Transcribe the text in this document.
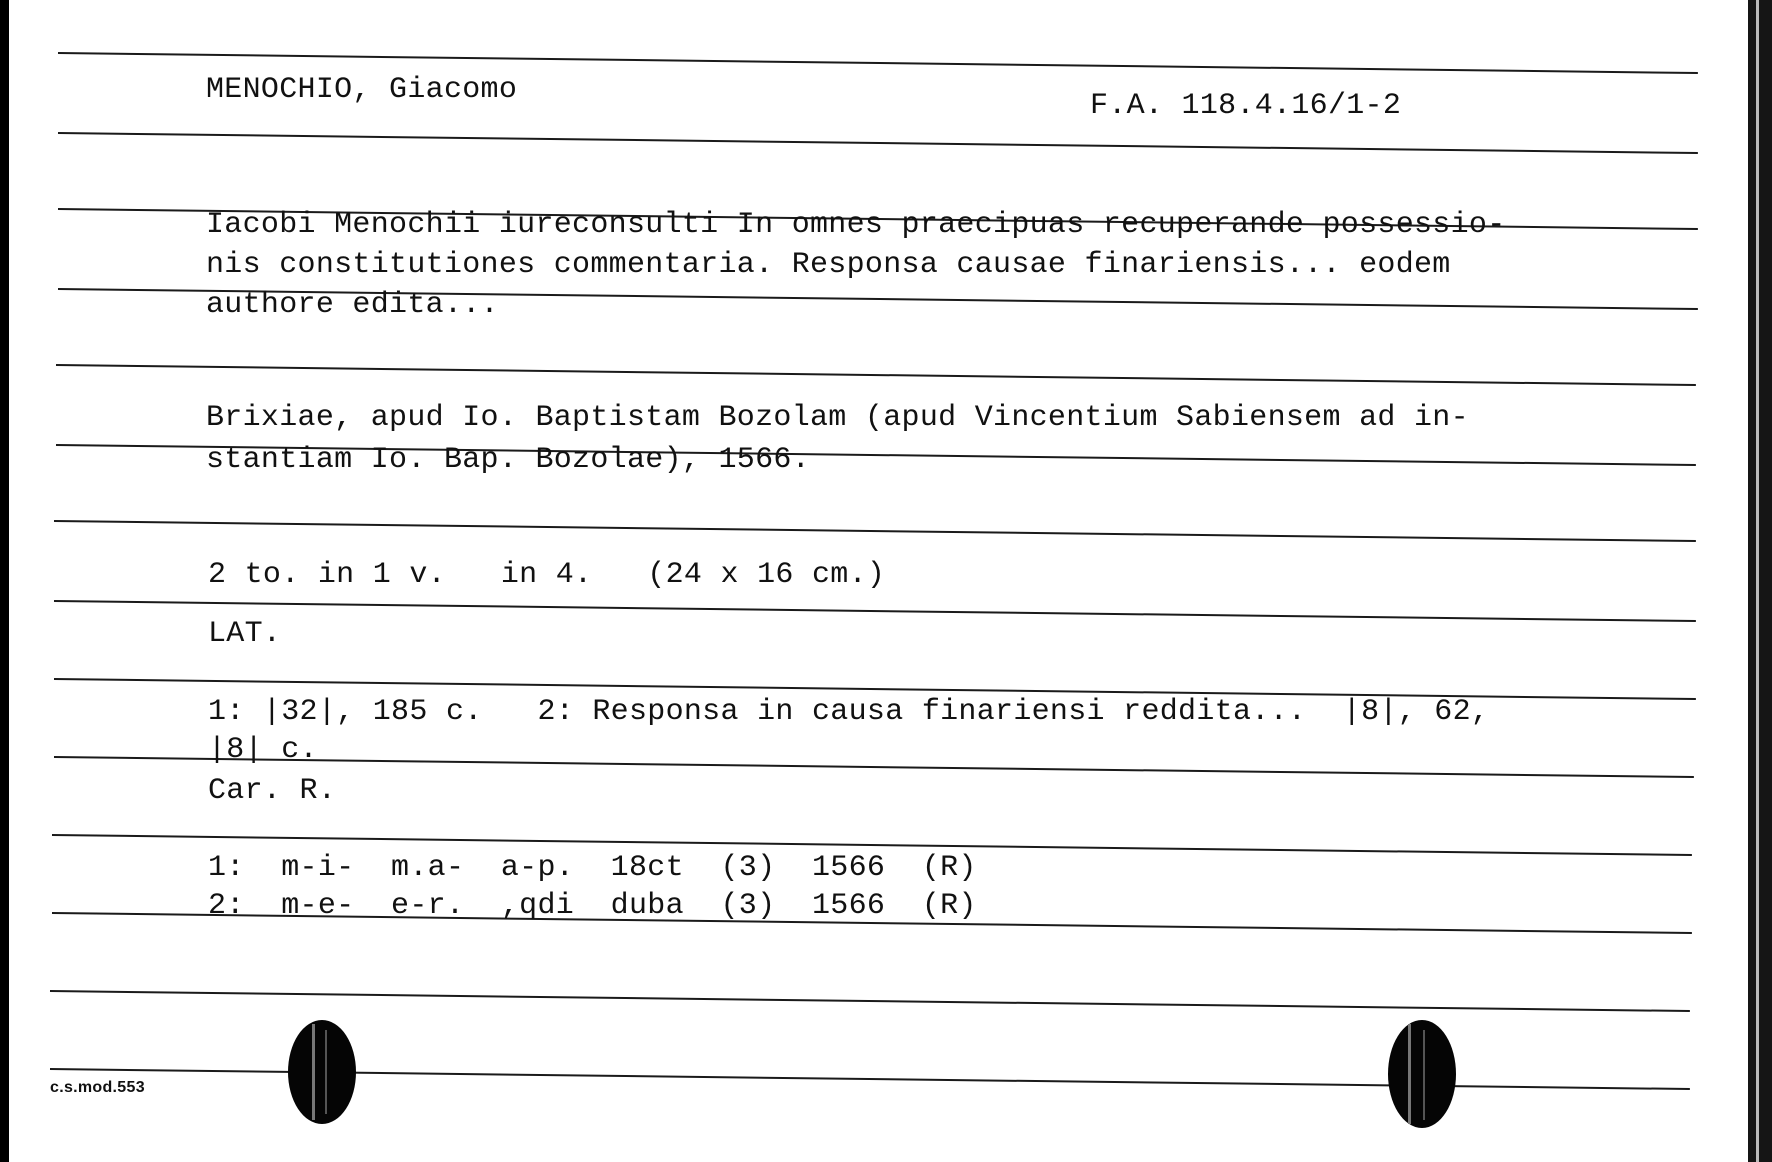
MENOCHIO, Giacomo	F.A. 118.4.16/1-2
Iacobi Menochii iureconsulti In omnes praecipuas recuperande possessio-
nis constitutiones commentaria. Responsa causae finariensis... eodem
authore edita...
Brixiae, apud Io. Baptistam Bozolam (apud Vincentium Sabiensem ad in-
stantiam Io. Bap. Bozolae), 1566.
2 to. in 1 v.   in 4.   (24 x 16 cm.)
LAT.
1: |32|, 185 c.   2: Responsa in causa finariensi reddita...  |8|, 62,
|8| c.
Car. R.
1:  m-i-  m.a-  a-p.  18ct  (3)  1566  (R)
2:  m-e-  e-r.  ,qdi  duba  (3)  1566  (R)
c.s.mod.553
